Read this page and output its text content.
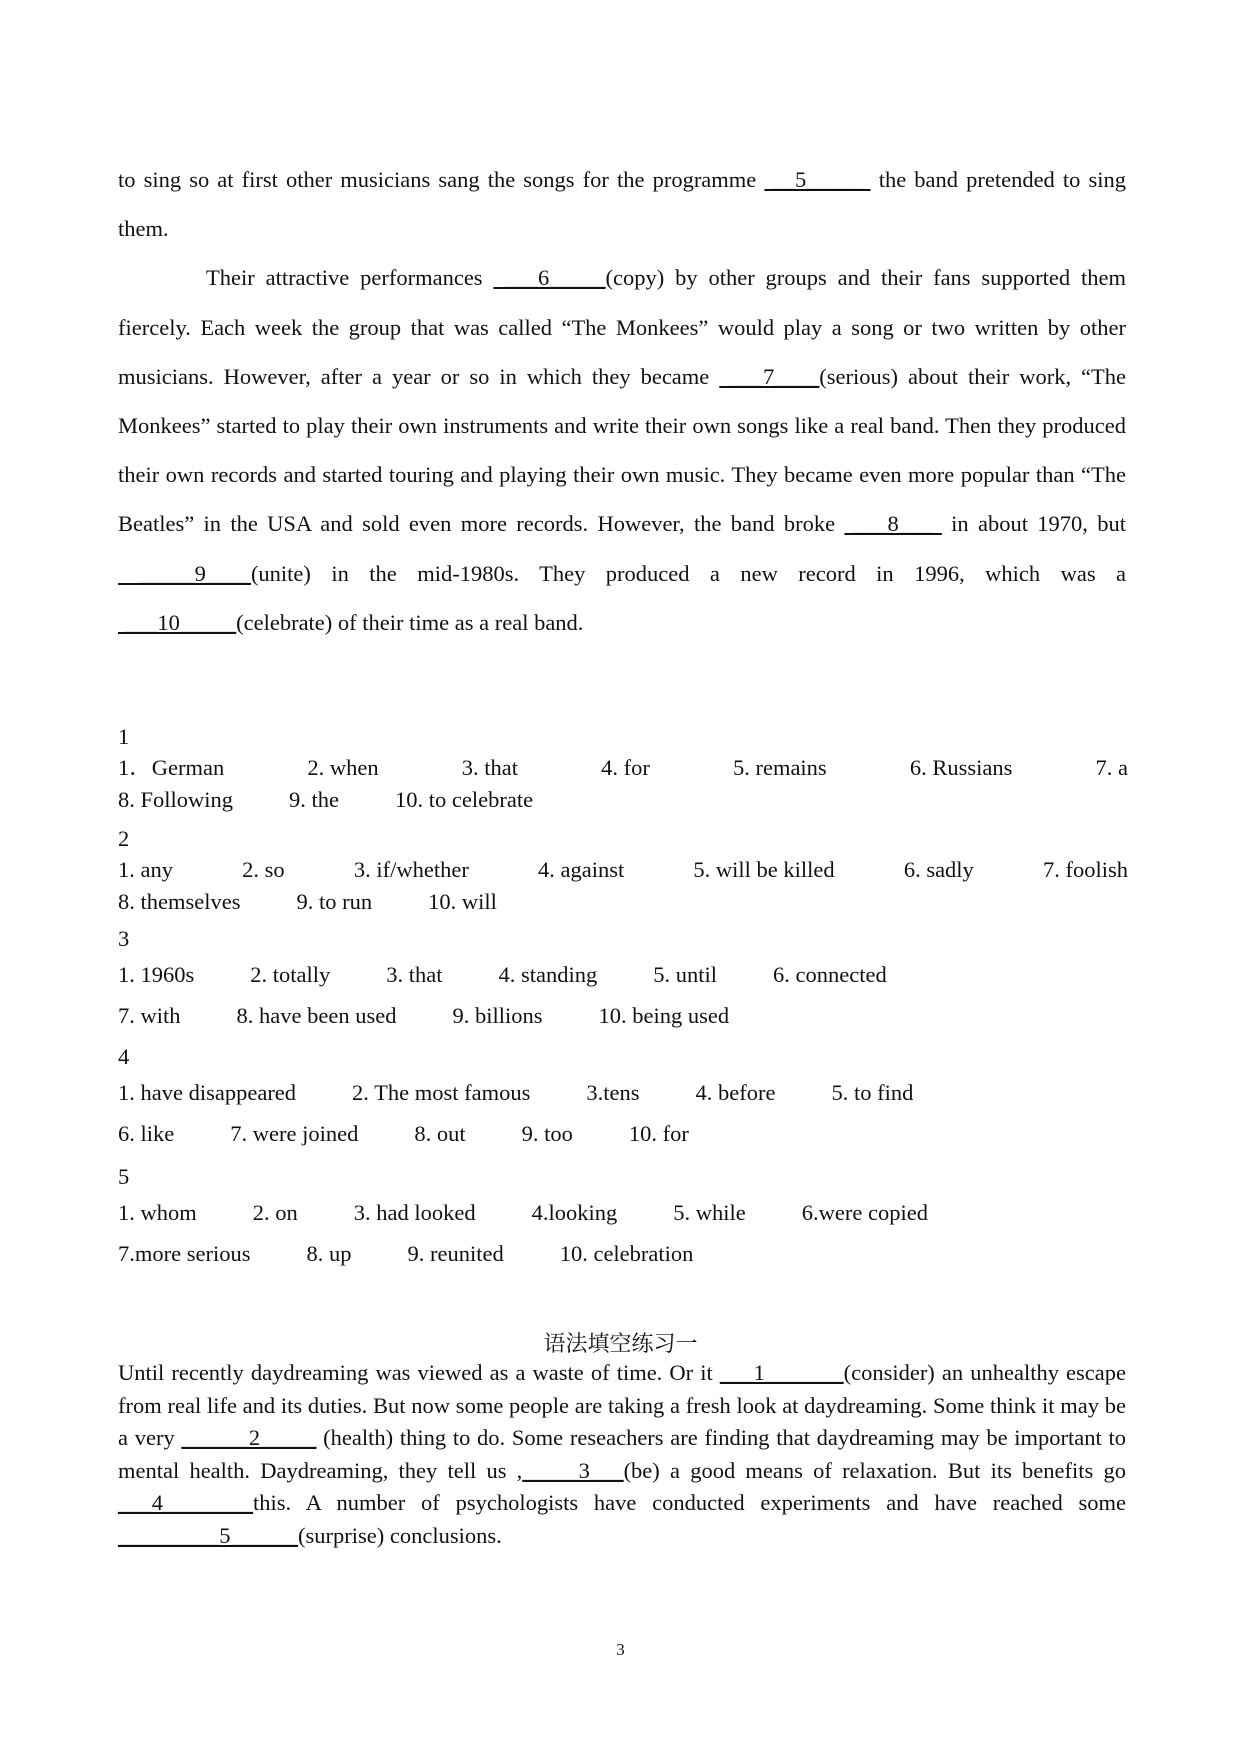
to sing so at first other musicians sang the songs for the programme  __5_____  the band pretended to sing them.

Their attractive performances  ___6_____(copy) by other groups and their fans supported them fiercely. Each week the group that was called “The Monkees” would play a song or two written by other musicians. However, after a year or so in which they became  ___7____(serious) about their work, “The Monkees” started to play their own instruments and write their own songs like a real band. Then they produced their own records and started touring and playing their own music. They became even more popular than “The Beatles” in the USA and sold even more records. However, the band broke  ___8___  in about 1970, but  _____9____(unite) in the mid-1980s. They produced a new record in 1996, which was a  ___10_____(celebrate) of their time as a real band.

1
1．German	2. when	3. that	4. for	5. remains	6. Russians	7. a
8. Following 9. the 10. to celebrate
2
1. any	2. so	3. if/whether	4. against	5. will be killed	6. sadly	7. foolish
8. themselves 9. to run 10. will
3
1. 1960s 2. totally 3. that 4. standing 5. until 6. connected
7. with 8. have been used 9. billions 10. being used
4
1. have disappeared 2. The most famous 3.tens 4. before 5. to find
6. like 7. were joined 8. out 9. too 10. for
5
1. whom 2. on 3. had looked 4.looking 5. while 6.were copied
7.more serious 8. up 9. reunited 10. celebration
语法填空练习一

Until recently daydreaming was viewed as a waste of time. Or it ___1_______(consider) an unhealthy escape from real life and its duties. But now some people are taking a fresh look at daydreaming. Some think it may be a very ______2_____ (health) thing to do. Some reseachers are finding that daydreaming may be important to mental health. Daydreaming, they tell us ,_____3___(be) a good means of relaxation. But its benefits go ___4________this. A number of psychologists have conducted experiments and have reached some _________5______(surprise) conclusions.

3
